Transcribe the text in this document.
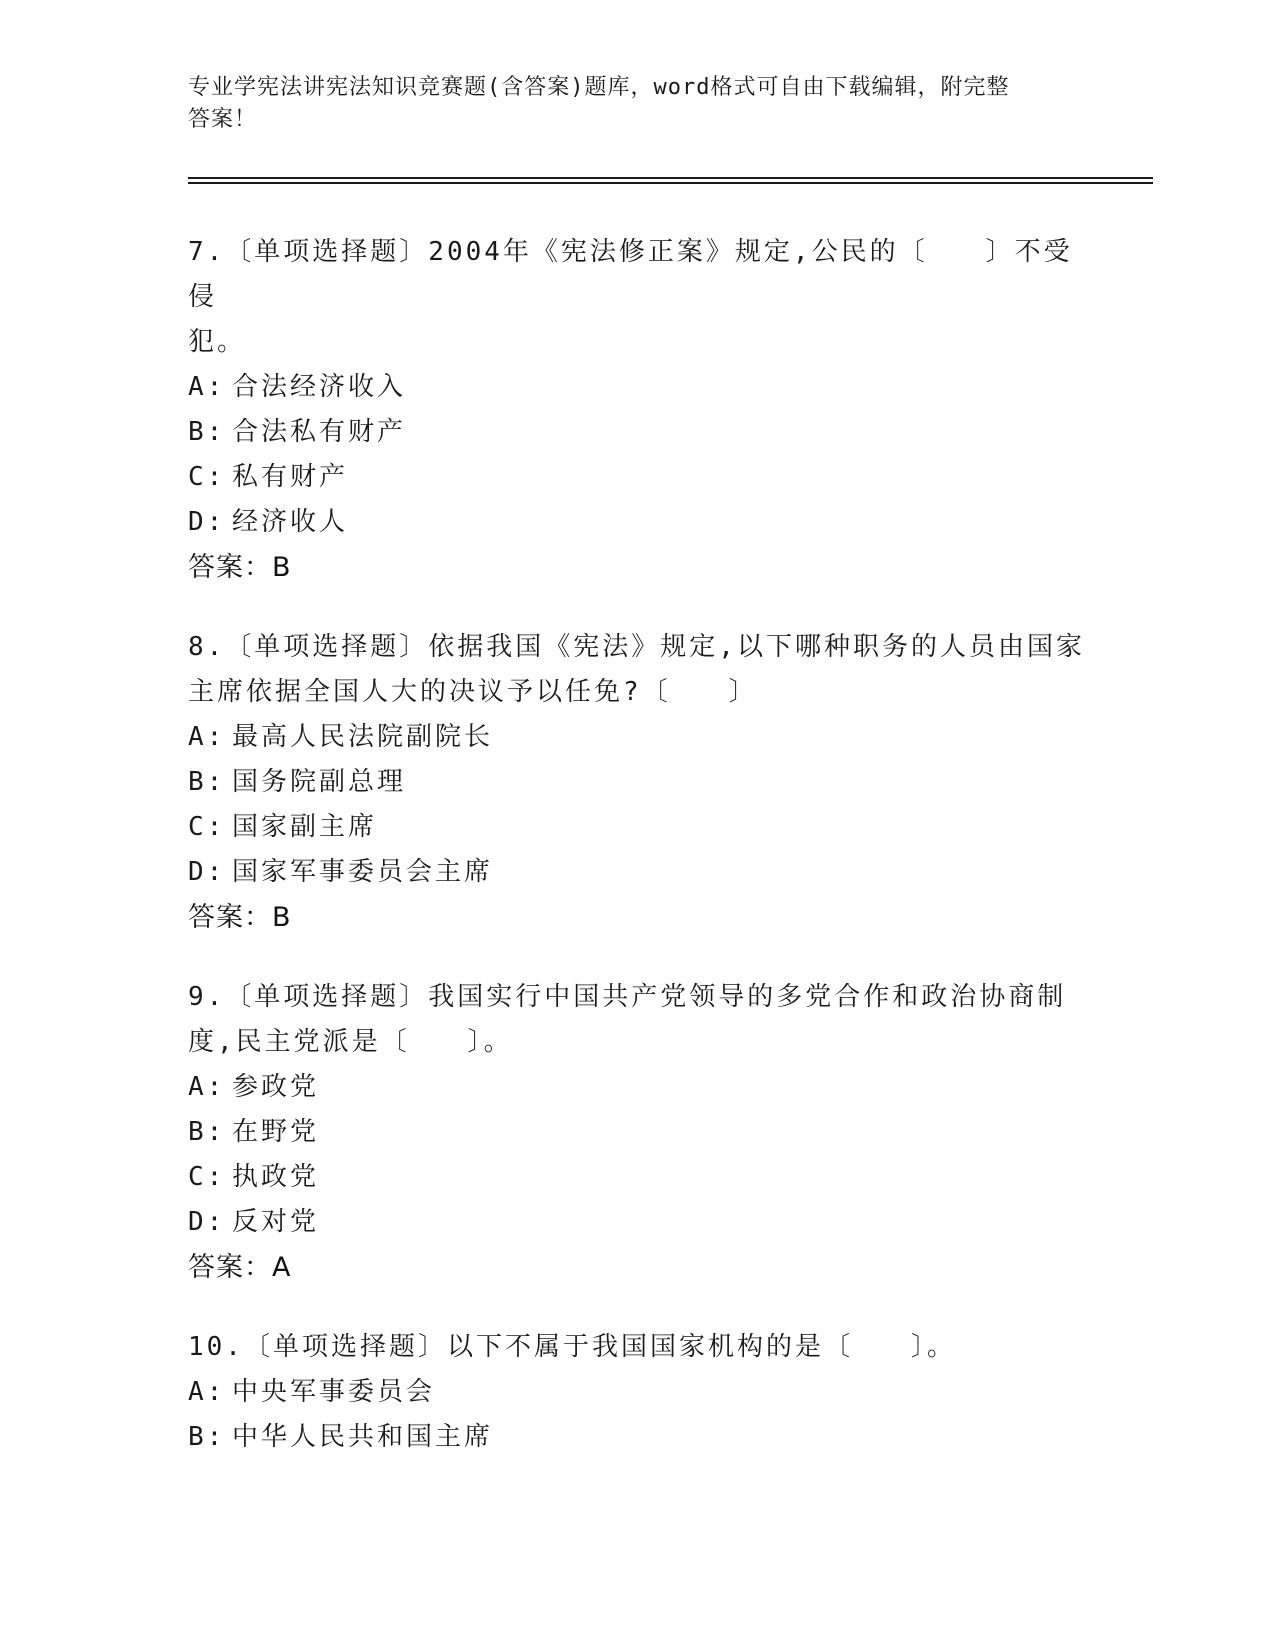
专业学宪法讲宪法知识竞赛题(含答案)题库，word格式可自由下载编辑，附完整
答案！
7.〔单项选择题〕2004年《宪法修正案》规定,公民的〔　　〕不受侵
犯。
A: 合法经济收入
B: 合法私有财产
C: 私有财产
D: 经济收人
答案：B
8.〔单项选择题〕依据我国《宪法》规定,以下哪种职务的人员由国家
主席依据全国人大的决议予以任免?〔　　〕
A: 最高人民法院副院长
B: 国务院副总理
C: 国家副主席
D: 国家军事委员会主席
答案：B
9.〔单项选择题〕我国实行中国共产党领导的多党合作和政治协商制
度,民主党派是〔　　〕。
A: 参政党
B: 在野党
C: 执政党
D: 反对党
答案：A
10.〔单项选择题〕以下不属于我国国家机构的是〔　　〕。
A: 中央军事委员会
B: 中华人民共和国主席
